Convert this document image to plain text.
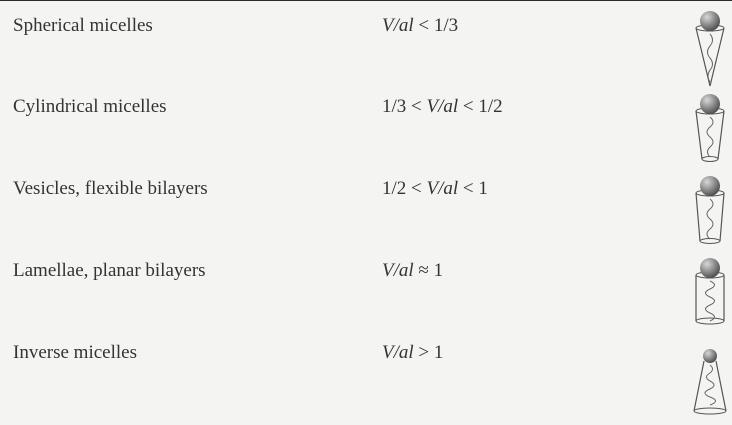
Spherical micelles	V/al < 1/3
Cylindrical micelles	1/3 < V/al < 1/2
Vesicles, flexible bilayers	1/2 < V/al < 1
Lamellae, planar bilayers	V/al ≈ 1
Inverse micelles	V/al > 1
